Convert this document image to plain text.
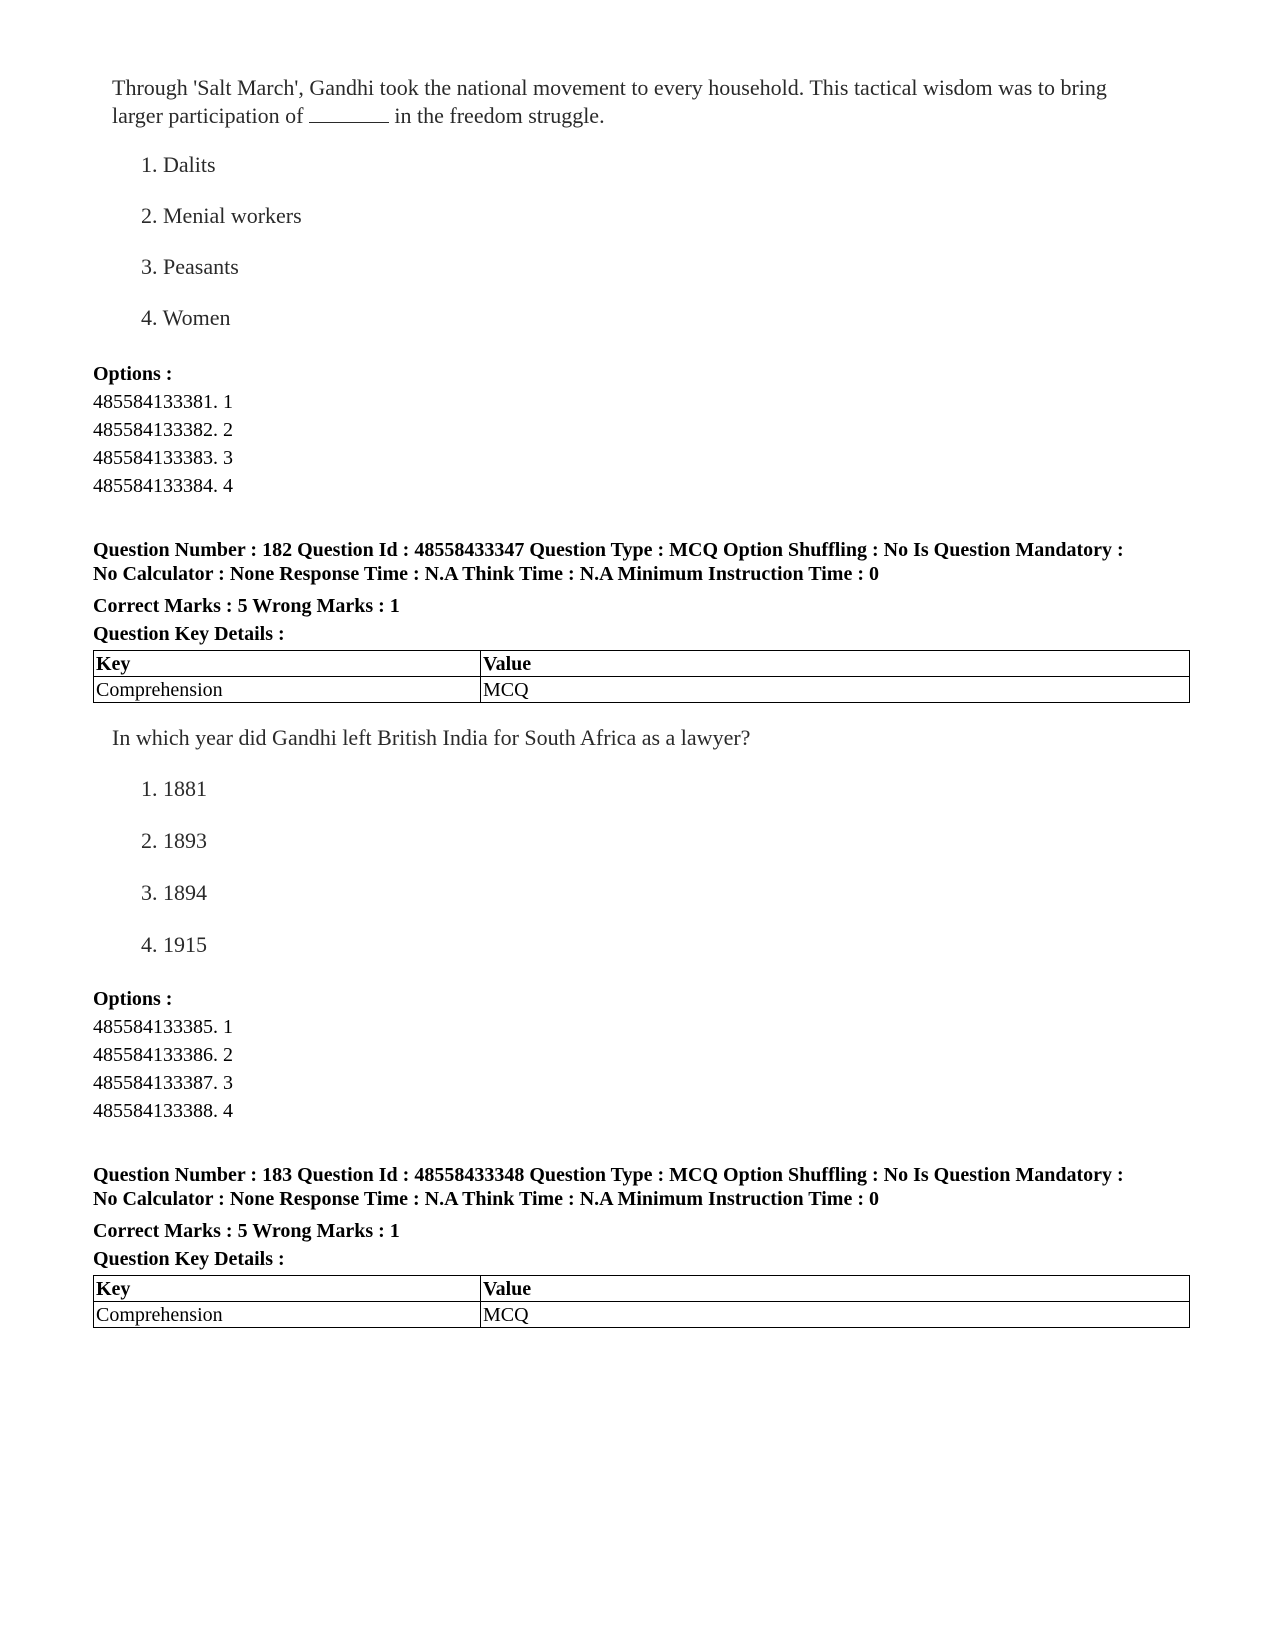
Through 'Salt March', Gandhi took the national movement to every household. This tactical wisdom was to bring larger participation of	in the freedom struggle.
1. Dalits
2. Menial workers
3. Peasants
4. Women
Options :
485584133381. 1
485584133382. 2
485584133383. 3
485584133384. 4
Question Number : 182 Question Id : 48558433347 Question Type : MCQ Option Shuffling : No Is Question Mandatory :
No Calculator : None Response Time : N.A Think Time : N.A Minimum Instruction Time : 0
Correct Marks : 5 Wrong Marks : 1
Question Key Details :
Key	Value
Comprehension	MCQ
In which year did Gandhi left British India for South Africa as a lawyer?
1. 1881
2. 1893
3. 1894
4. 1915
Options :
485584133385. 1
485584133386. 2
485584133387. 3
485584133388. 4
Question Number : 183 Question Id : 48558433348 Question Type : MCQ Option Shuffling : No Is Question Mandatory :
No Calculator : None Response Time : N.A Think Time : N.A Minimum Instruction Time : 0
Correct Marks : 5 Wrong Marks : 1
Question Key Details :
Key	Value
Comprehension	MCQ
